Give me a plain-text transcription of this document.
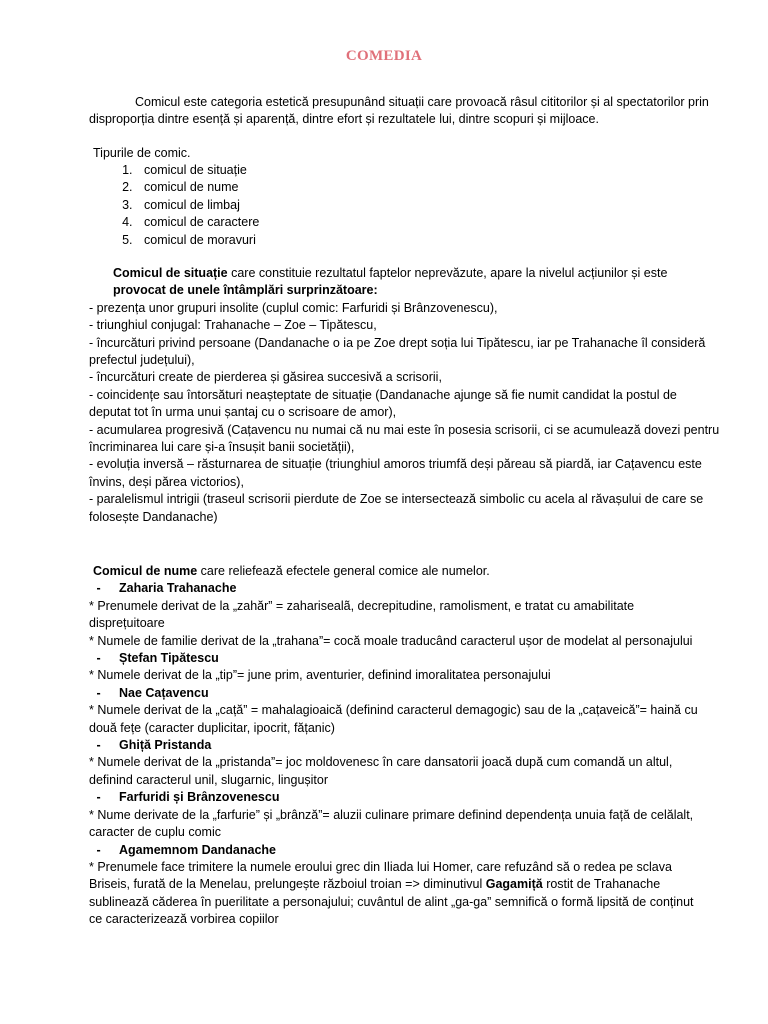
COMEDIA

Comicul este categoria estetică presupunând situații care provoacă râsul cititorilor și al spectatorilor prin

disproporția dintre esență și aparență, dintre efort și rezultatele lui, dintre scopuri și mijloace.

Tipurile de comic.

1. comicul de situație
2. comicul de nume
3. comicul de limbaj
4. comicul de caractere
5. comicul de moravuri

Comicul de situație care constituie rezultatul faptelor neprevăzute, apare la nivelul acțiunilor și este

provocat de unele întâmplări surprinzătoare:

- prezența unor grupuri insolite (cuplul comic: Farfuridi și Brânzovenescu),

- triunghiul conjugal: Trahanache – Zoe – Tipătescu,

- încurcături privind persoane (Dandanache o ia pe Zoe drept soția lui Tipătescu, iar pe Trahanache îl consideră

prefectul județului),

- încurcături create de pierderea și găsirea succesivă a scrisorii,

- coincidențe sau întorsături neașteptate de situație (Dandanache ajunge să fie numit candidat la postul de

deputat tot în urma unui șantaj cu o scrisoare de amor),

- acumularea progresivă (Cațavencu nu numai că nu mai este în posesia scrisorii, ci se acumulează dovezi pentru

încriminarea lui care și-a însușit banii societății),

- evoluția inversă – răsturnarea de situație (triunghiul amoros triumfă deși păreau să piardă, iar Cațavencu este

învins, deși părea victorios),

- paralelismul intrigii (traseul scrisorii pierdute de Zoe se intersectează simbolic cu acela al răvașului de care se

folosește Dandanache)

Comicul de nume care reliefează efectele general comice ale numelor.

- Zaharia Trahanache

* Prenumele derivat de la „zahăr” = zaharisealã, decrepitudine, ramolisment, e tratat cu amabilitate

disprețuitoare

* Numele de familie derivat de la „trahana”= cocă moale traducând caracterul ușor de modelat al personajului

- Ștefan Tipătescu

* Numele derivat de la „tip”= june prim, aventurier, definind imoralitatea personajului

- Nae Cațavencu

* Numele derivat de la „cață” = mahalagioaică (definind caracterul demagogic) sau de la „cațaveică”= haină cu

două fețe (caracter duplicitar, ipocrit, fățanic)

- Ghiță Pristanda

* Numele derivat de la „pristanda”= joc moldovenesc în care dansatorii joacă după cum comandă un altul,

definind caracterul unil, slugarnic, lingușitor

- Farfuridi și Brânzovenescu

* Nume derivate de la „farfurie” și „brânză”= aluzii culinare primare definind dependența unuia față de celălalt,

caracter de cuplu comic

- Agamemnom Dandanache

* Prenumele face trimitere la numele eroului grec din Iliada lui Homer, care refuzând să o redea pe sclava

Briseis, furată de la Menelau, prelungește războiul troian => diminutivul Gagamiță rostit de Trahanache

sublinează căderea în puerilitate a personajului; cuvântul de alint „ga-ga” semnifică o formă lipsită de conținut

ce caracterizează vorbirea copiilor
